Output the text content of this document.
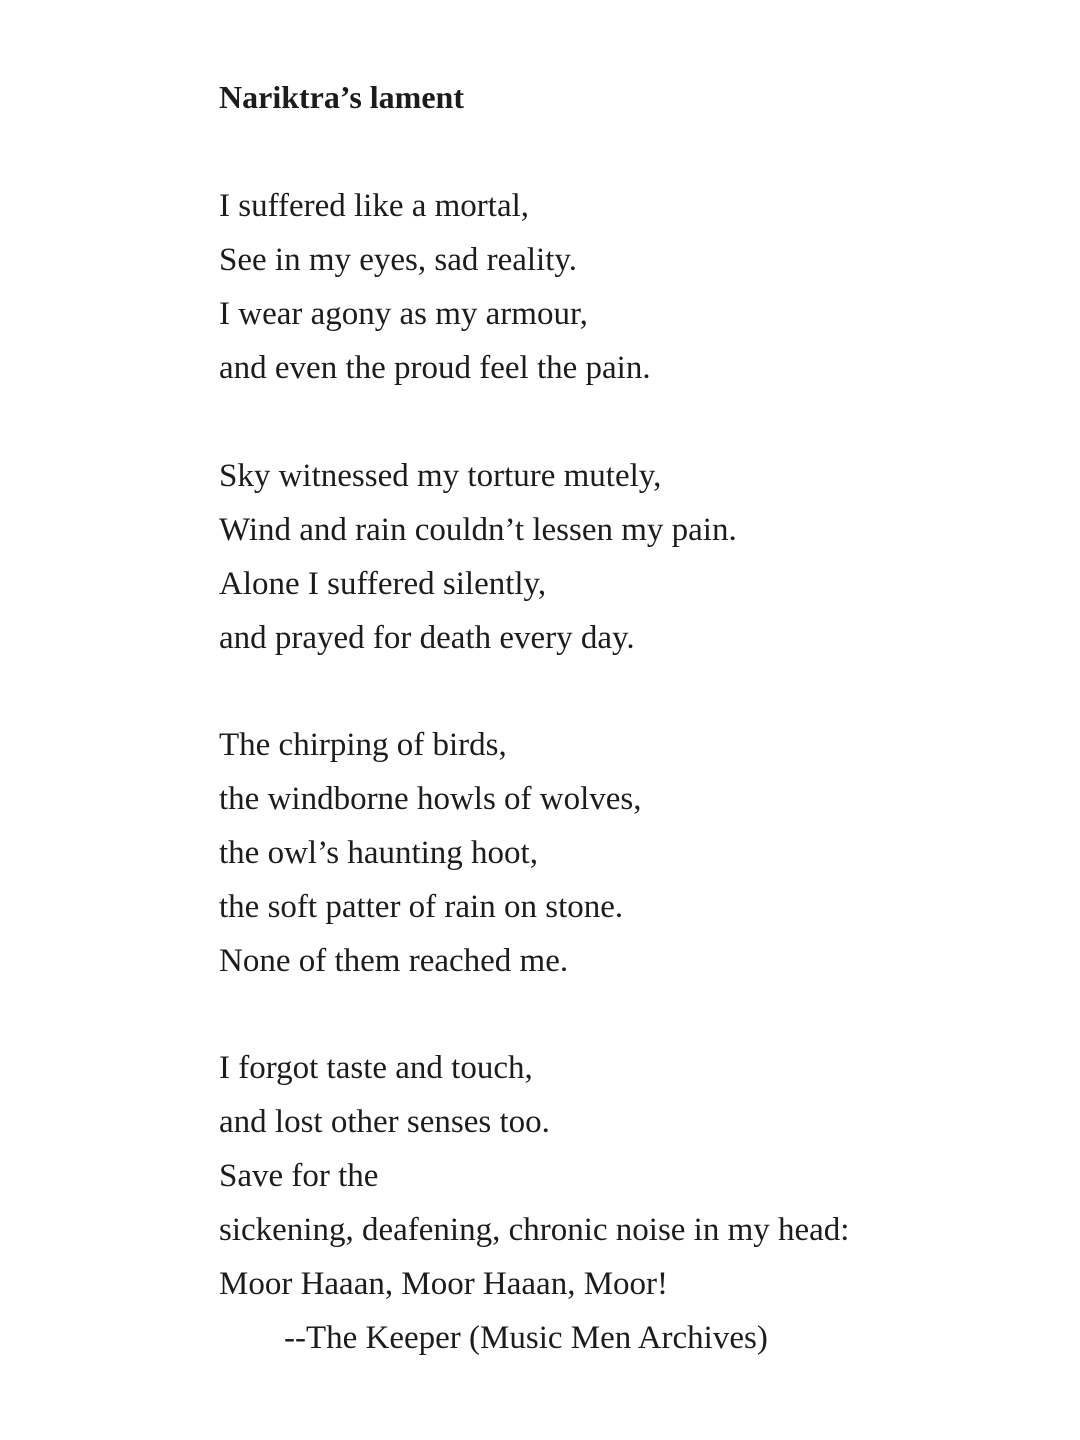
Nariktra’s lament
I suffered like a mortal,
See in my eyes, sad reality.
I wear agony as my armour,
and even the proud feel the pain.
Sky witnessed my torture mutely,
Wind and rain couldn’t lessen my pain.
Alone I suffered silently,
and prayed for death every day.
The chirping of birds,
the windborne howls of wolves,
the owl’s haunting hoot,
the soft patter of rain on stone.
None of them reached me.
I forgot taste and touch,
and lost other senses too.
Save for the
sickening, deafening, chronic noise in my head:
Moor Haaan, Moor Haaan, Moor!

--The Keeper (Music Men Archives)
